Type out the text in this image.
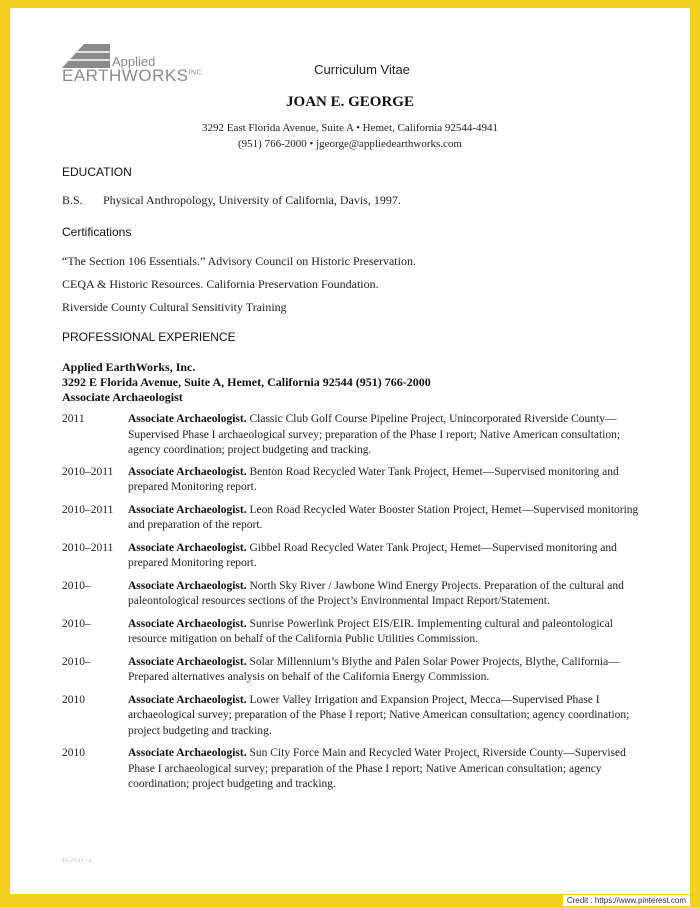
Applied
$EARTHWORKS^{INC.}$	Curriculum Vitae
JOAN E. GEORGE
3292 East Florida Avenue, Suite A • Hemet, California 92544-4941
(951) 766-2000 • jgeorge@appliedearthworks.com
EDUCATION
B.S. Physical Anthropology, University of California, Davis, 1997.
Certifications
“The Section 106 Essentials.” Advisory Council on Historic Preservation.
CEQA & Historic Resources. California Preservation Foundation.
Riverside County Cultural Sensitivity Training
PROFESSIONAL EXPERIENCE
Applied EarthWorks, Inc.
3292 E Florida Avenue, Suite A, Hemet, California 92544 (951) 766-2000
Associate Archaeologist
2011	Associate Archaeologist. Classic Club Golf Course Pipeline Project, Unincorporated Riverside County— Supervised Phase I archaeological survey; preparation of the Phase I report; Native American consultation; agency coordination; project budgeting and tracking.
2010–2011	Associate Archaeologist. Benton Road Recycled Water Tank Project, Hemet—Supervised monitoring and prepared Monitoring report.
2010–2011	Associate Archaeologist. Leon Road Recycled Water Booster Station Project, Hemet—Supervised monitoring and preparation of the report.
2010–2011	Associate Archaeologist. Gibbel Road Recycled Water Tank Project, Hemet—Supervised monitoring and prepared Monitoring report.
2010–	Associate Archaeologist. North Sky River / Jawbone Wind Energy Projects. Preparation of the cultural and paleontological resources sections of the Project’s Environmental Impact Report/Statement.
2010–	Associate Archaeologist. Sunrise Powerlink Project EIS/EIR. Implementing cultural and paleontological resource mitigation on behalf of the California Public Utilities Commission.
2010–	Associate Archaeologist. Solar Millennium’s Blythe and Palen Solar Power Projects, Blythe, California—Prepared alternatives analysis on behalf of the California Energy Commission.
2010	Associate Archaeologist. Lower Valley Irrigation and Expansion Project, Mecca—Supervised Phase I archaeological survey; preparation of the Phase I report; Native American consultation; agency coordination; project budgeting and tracking.
2010	Associate Archaeologist. Sun City Force Main and Recycled Water Project, Riverside County—Supervised Phase I archaeological survey; preparation of the Phase I report; Native American consultation; agency coordination; project budgeting and tracking.
10-25-11 • a
Credit : https://www.pinterest.com
